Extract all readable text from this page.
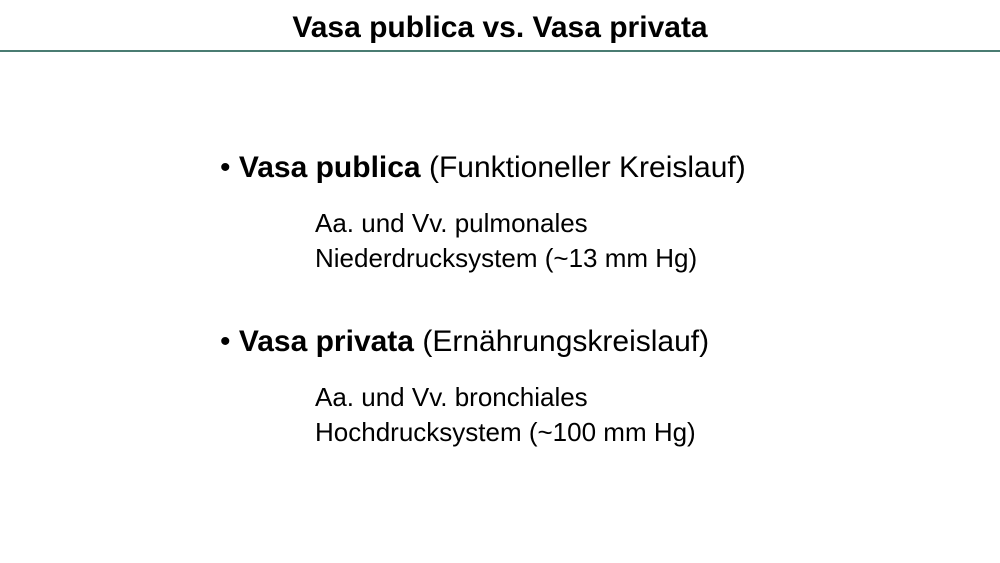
Vasa publica vs. Vasa privata
• Vasa publica (Funktioneller Kreislauf)
Aa. und Vv. pulmonales
Niederdrucksystem (~13 mm Hg)
• Vasa privata (Ernährungskreislauf)
Aa. und Vv. bronchiales
Hochdrucksystem (~100 mm Hg)
